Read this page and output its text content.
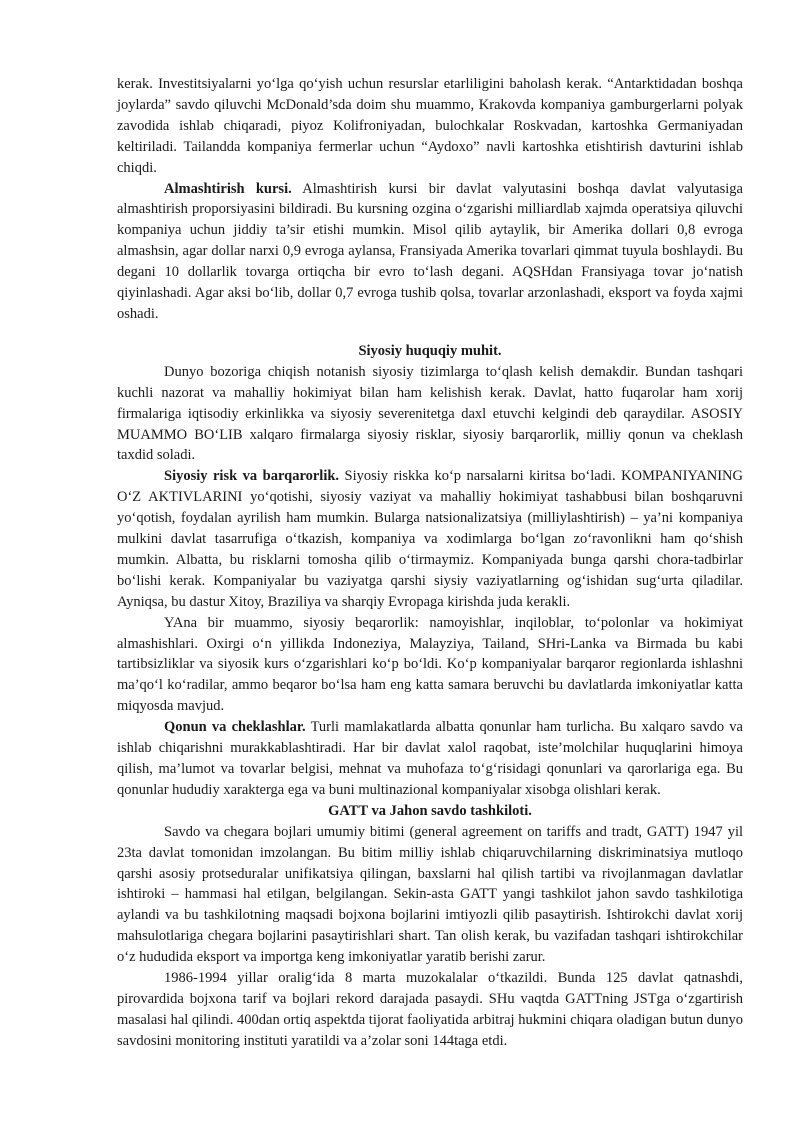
kerak. Investitsiyalarni yo‘lga qo‘yish uchun resurslar etarliligini baholash kerak. “Antarktidadan boshqa joylarda” savdo qiluvchi McDonald’sda doim shu muammo, Krakovda kompaniya gamburgerlarni polyak zavodida ishlab chiqaradi, piyoz Kolifroniyadan, bulochkalar Roskvadan, kartoshka Germaniyadan keltiriladi. Tailandda kompaniya fermerlar uchun “Aydoxo” navli kartoshka etishtirish davturini ishlab chiqdi.

Almashtirish kursi. Almashtirish kursi bir davlat valyutasini boshqa davlat valyutasiga almashtirish proporsiyasini bildiradi. Bu kursning ozgina o‘zgarishi milliardlab xajmda operatsiya qiluvchi kompaniya uchun jiddiy ta’sir etishi mumkin. Misol qilib aytaylik, bir Amerika dollari 0,8 evroga almashsin, agar dollar narxi 0,9 evroga aylansa, Fransiyada Amerika tovarlari qimmat tuyula boshlaydi. Bu degani 10 dollarlik tovarga ortiqcha bir evro to‘lash degani. AQSHdan Fransiyaga tovar jo‘natish qiyinlashadi. Agar aksi bo‘lib, dollar 0,7 evroga tushib qolsa, tovarlar arzonlashadi, eksport va foyda xajmi oshadi.

Siyosiy huquqiy muhit.

Dunyo bozoriga chiqish notanish siyosiy tizimlarga to‘qlash kelish demakdir. Bundan tashqari kuchli nazorat va mahalliy hokimiyat bilan ham kelishish kerak. Davlat, hatto fuqarolar ham xorij firmalariga iqtisodiy erkinlikka va siyosiy severenitetga daxl etuvchi kelgindi deb qaraydilar. ASOSIY MUAMMO BO‘LIB xalqaro firmalarga siyosiy risklar, siyosiy barqarorlik, milliy qonun va cheklash taxdid soladi.

Siyosiy risk va barqarorlik. Siyosiy riskka ko‘p narsalarni kiritsa bo‘ladi. KOMPANIYANING O‘Z AKTIVLARINI yo‘qotishi, siyosiy vaziyat va mahalliy hokimiyat tashabbusi bilan boshqaruvni yo‘qotish, foydalan ayrilish ham mumkin. Bularga natsionalizatsiya (milliylashtirish) – ya’ni kompaniya mulkini davlat tasarrufiga o‘tkazish, kompaniya va xodimlarga bo‘lgan zo‘ravonlikni ham qo‘shish mumkin. Albatta, bu risklarni tomosha qilib o‘tirmaymiz. Kompaniyada bunga qarshi chora-tadbirlar bo‘lishi kerak. Kompaniyalar bu vaziyatga qarshi siysiy vaziyatlarning og‘ishidan sug‘urta qiladilar. Ayniqsa, bu dastur Xitoy, Braziliya va sharqiy Evropaga kirishda juda kerakli.

YAna bir muammo, siyosiy beqarorlik: namoyishlar, inqiloblar, to‘polonlar va hokimiyat almashishlari. Oxirgi o‘n yillikda Indoneziya, Malayziya, Tailand, SHri-Lanka va Birmada bu kabi tartibsizliklar va siyosik kurs o‘zgarishlari ko‘p bo‘ldi. Ko‘p kompaniyalar barqaror regionlarda ishlashni ma’qo‘l ko‘radilar, ammo beqaror bo‘lsa ham eng katta samara beruvchi bu davlatlarda imkoniyatlar katta miqyosda mavjud.

Qonun va cheklashlar. Turli mamlakatlarda albatta qonunlar ham turlicha. Bu xalqaro savdo va ishlab chiqarishni murakkablashtiradi. Har bir davlat xalol raqobat, iste’molchilar huquqlarini himoya qilish, ma’lumot va tovarlar belgisi, mehnat va muhofaza to‘g‘risidagi qonunlari va qarorlariga ega. Bu qonunlar hududiy xarakterga ega va buni multinazional kompaniyalar xisobga olishlari kerak.

GATT va Jahon savdo tashkiloti.

Savdo va chegara bojlari umumiy bitimi (general agreement on tariffs and tradt, GATT) 1947 yil 23ta davlat tomonidan imzolangan. Bu bitim milliy ishlab chiqaruvchilarning diskriminatsiya mutloqo qarshi asosiy protseduralar unifikatsiya qilingan, baxslarni hal qilish tartibi va rivojlanmagan davlatlar ishtiroki – hammasi hal etilgan, belgilangan. Sekin-asta GATT yangi tashkilot jahon savdo tashkilotiga aylandi va bu tashkilotning maqsadi bojxona bojlarini imtiyozli qilib pasaytirish. Ishtirokchi davlat xorij mahsulotlariga chegara bojlarini pasaytirishlari shart. Tan olish kerak, bu vazifadan tashqari ishtirokchilar o‘z hududida eksport va importga keng imkoniyatlar yaratib berishi zarur.

1986-1994 yillar oralig‘ida 8 marta muzokalalar o‘tkazildi. Bunda 125 davlat qatnashdi, pirovardida bojxona tarif va bojlari rekord darajada pasaydi. SHu vaqtda GATTning JSTga o‘zgartirish masalasi hal qilindi. 400dan ortiq aspektda tijorat faoliyatida arbitraj hukmini chiqara oladigan butun dunyo savdosini monitoring instituti yaratildi va a’zolar soni 144taga etdi.
